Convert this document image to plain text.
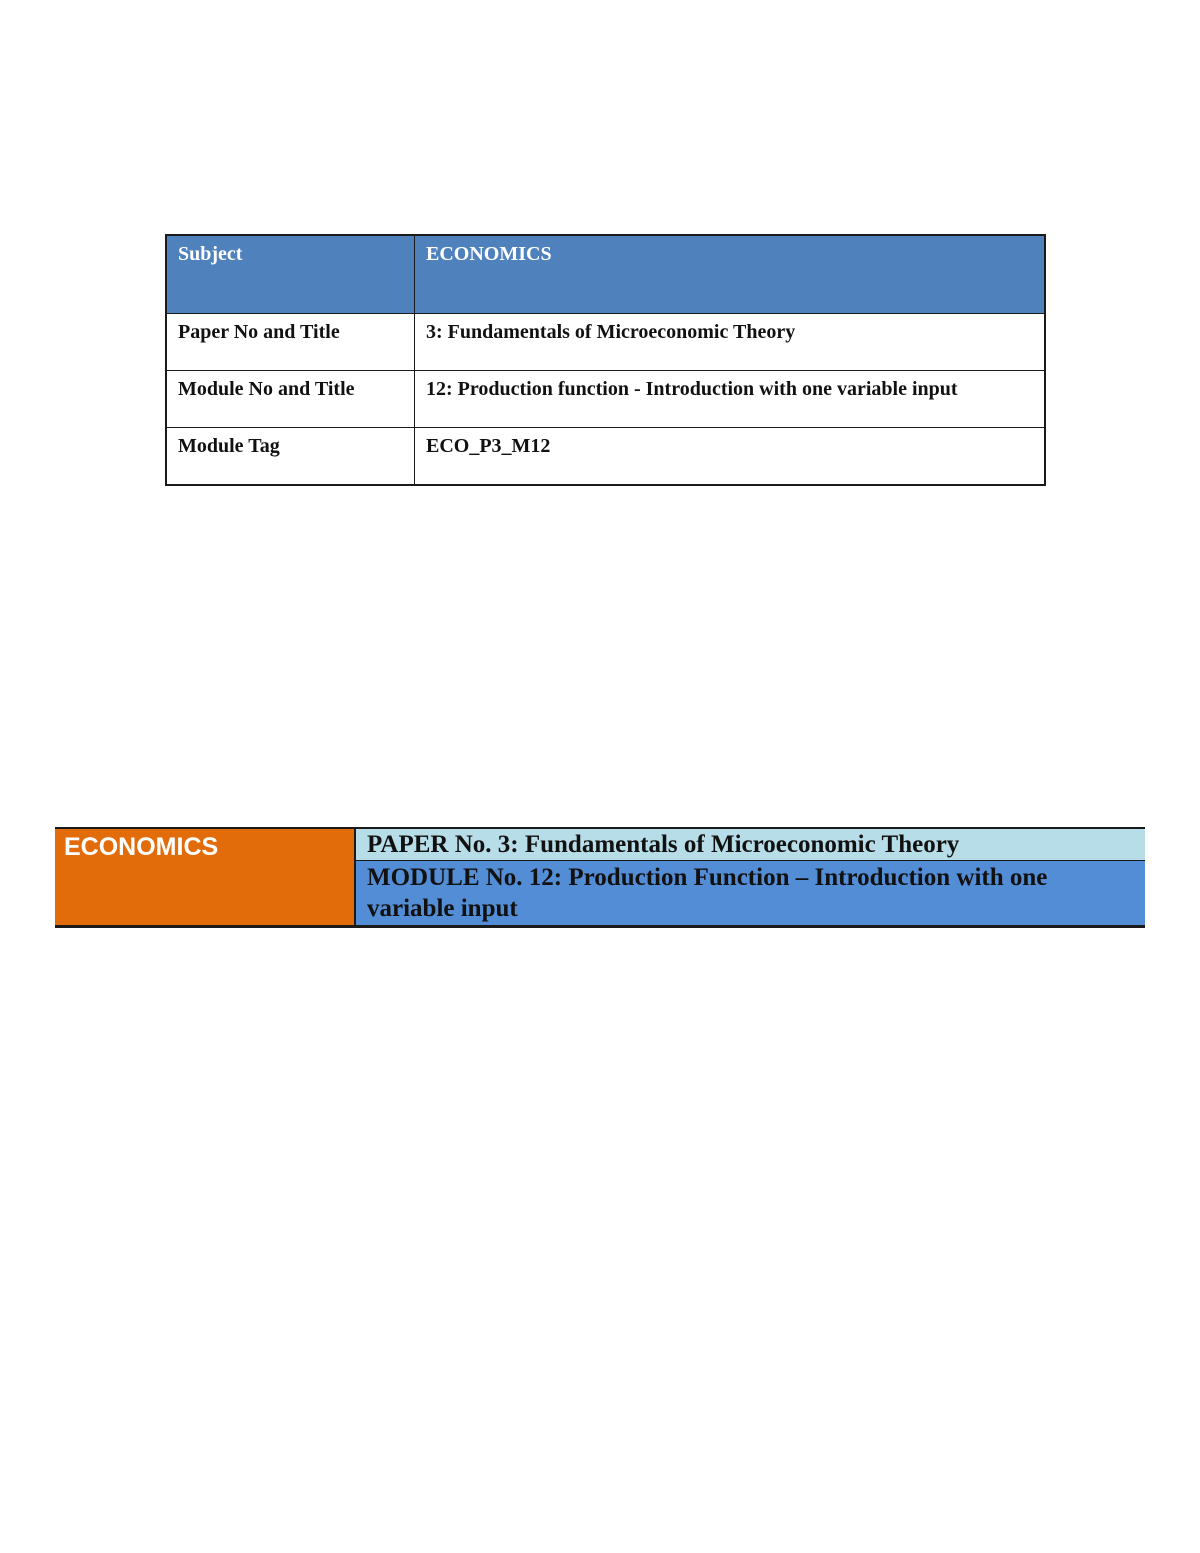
Subject	ECONOMICS
Paper No and Title	3: Fundamentals of Microeconomic Theory
Module No and Title	12: Production function - Introduction with one variable input
Module Tag	ECO_P3_M12
ECONOMICS	PAPER No. 3: Fundamentals of Microeconomic Theory
MODULE No. 12: Production Function – Introduction with one variable input
